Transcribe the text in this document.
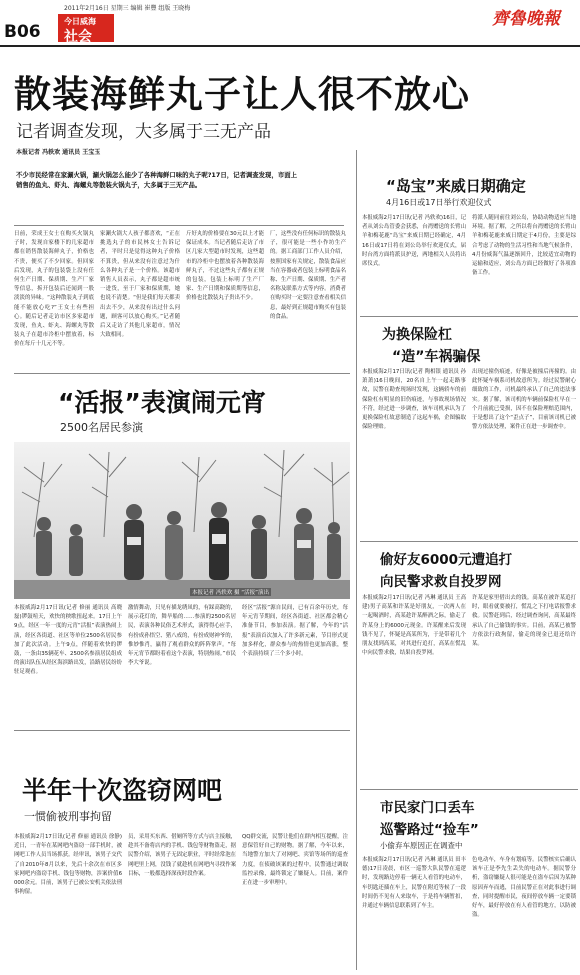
B06
2011年2月16日 星期三 编辑 崔豐 组版 王晓梅
今日威海
社会
齊魯晚報
散装海鲜丸子让人很不放心
记者调查发现，大多属于三无产品
本报记者 冯轶欢 通讯员 王宝玉
不少市民经常在家涮火锅，涮火锅怎么能少了各种海鲜口味的丸子呢?17日，记者调查发现，市面上销售的鱼丸、虾丸、海螺丸等散装火锅丸子，大多属于三无产品。
日前，荣成王女士在购买火锅丸子时，发现自家楼下的几家超市都在销售散装海鲜丸子，价格也不贵，便买了不少回家。但回家后发现，丸子的包装袋上没有任何生产日期、保质期、生产厂家等信息，拆开包装后还闻到一股淡淡的异味。“这种散装丸子到底能不能放心吃?”王女士有些担心。随后记者走访市区多家超市发现，鱼丸、虾丸、海螺丸等散装丸子在超市冷柜中摆放着，标价在每斤十几元不等。
家涮火锅大人孩子都喜欢，“正在挑选丸子的市民林女士告诉记者，平时只是觉得这种丸子价格不算贵，但从来没有注意过为什么各种丸子是一个价格。该超市销售人员表示，丸子都是超市统一进货，至于厂家和保质期，她也说不清楚。“但是我们每天都卖出去不少，从来没有出过什么问题，顾客可以放心购买。”记者随后又走访了其他几家超市，情况大致相同。
斤好丸的价格要在30元以上才能保证成本。当记者随后走访了市区几家大型超市时发现，这些超市的冷柜中也摆放着各种散装海鲜丸子，不过这些丸子都有正规的包装，包装上标明了生产厂家、生产日期和保质期等信息，价格也比散装丸子贵出不少。
厂，这些没有任何标识的散装丸子，很可能是一些小作坊生产的。据工商部门工作人员介绍，按照国家有关规定，散装食品应当在容器或者包装上标明食品名称、生产日期、保质期、生产者名称及联系方式等内容。消费者在购买时一定要注意查看相关信息，最好到正规超市购买有包装的食品。
“活报”表演闹元宵
2500名居民参演
本报记者 冯轶欢 摄 “活报”演出
本报威海2月17日讯(记者 修丽 通讯员 高晓磊)锣鼓喧天，欢快的秧歌扭起来。17日上午9点，经区一年一度的元宵“活报”表演热闹上演，经区各街道、社区等单位2500名居民参加了此次活动。上午9点，伴随着欢快的锣鼓，一条由35辆花车、2500名参演居民组成的演出队伍从经区海滨路出发，沿路居民纷纷驻足观看。
激情舞动，只见有描龙绣凤的，有踩高跷的，展示花灯的，舞旱船的……参演的2500名居民，表演各种民俗艺术形式，演得得心应手，有扮成孙悟空、猪八戒的，有扮成财神爷的，惟妙惟肖，赢得了观看群众的阵阵掌声。“每年元宵节都盼着看这个表演，特别热闹。”市民李大爷说。
经区“活报”源自民间，已有百余年历史，每年元宵节期间，经区各街道、社区都会精心准备节目，参加表演。据了解，今年的“活报”表演首次加入了许多新元素，节目形式更加多样化，群众参与的热情也更加高涨，整个表演持续了三个多小时。
半年十次盗窃网吧
一惯偷被刑事拘留
本报威海2月17日讯(记者 修丽 通讯员 徐静)近日，一青年在某网吧内盗窃一部手机时，被网吧工作人员当场抓获。经审讯，该男子交代了自2010年8月以来，先后十余次在市区多家网吧内盗窃手机、钱包等财物，涉案价值6000余元。目前，该男子已被公安机关依法刑事拘留。
员，采用买东西、借厕所等方式与店主接触，趁其不备将店内的手机、钱包等财物盗走，据民警介绍，该男子无固定职业，平时经常泡在网吧里上网，没钱了就趁机在网吧内寻找作案目标，一般都选择深夜时段作案。
QQ群交流，民警让他们在群内相互提醒，注意保管好自己的财物。据了解，今年以来，当地警方加大了对网吧、宾馆等场所的巡查力度，在侦破该案的过程中，民警通过调取监控录像，最终锁定了嫌疑人。目前，案件正在进一步审理中。
“岛宝”来威日期确定
4月16日或17日举行欢迎仪式
本报威海2月17日讯(记者 冯轶欢)16日，记者从刘公岛管委会获悉，台湾赠送的长臂山羊和梅花鹿“岛宝”来威日期已经确定，4月16日或17日将在刘公岛举行欢迎仪式，届时台湾方面将派员护送，两地相关人员将出席仪式。
将派人随同前往刘公岛，协助动物适应当地环境。据了解，之所以将台湾赠送的长臂山羊和梅花鹿来威日期定于4月份，主要是综合考虑了动物的生活习性和当地气候条件，4月份威海气温逐渐回升，比较适宜动物的运输和适应，刘公岛方面已经做好了各项准备工作。
为换保险杠
“造”车祸骗保
本报威海2月17日讯(记者 陶相银 通讯员 孙萧萧)16日晚间，20名自上午一起走路事故，民警在勘查现场时发现，这辆轿车的前保险杠有明显的旧伤痕迹，与事故现场情况不符，经过进一步调查，该车司机承认为了更换保险杠故意制造了这起车祸，企图骗取保险理赔。
出现过撞伤痕迹，好像是被撞后再撞的。由此怀疑车祸系司机故意所为。经过民警耐心细致的工作，司机最终承认了自己的违法事实。据了解，该司机的车辆前保险杠早在一个月前就已受损，因不在保险理赔范围内，于是想出了这个“歪点子”，目前该司机已被警方依法处理，案件正在进一步调查中。
偷好友6000元遭追打
向民警求救自投罗网
本报威海2月17日讯(记者 冯琳 通讯员 王高建)男子高某和许某是好朋友，一次两人在一起喝酒时，高某趁许某醉酒之际，偷走了许某身上的6000元现金。许某醒来后发现钱不见了，怀疑是高某所为，于是带着几个朋友找到高某，对其进行追打，高某在慌乱中向民警求救，结果自投罗网。
许某是家里借出去的钱。高某在被许某追打时，眼看就要被打，慌乱之下打电话报警求救。民警赶到后，经过调查询问，高某最终承认了自己偷钱的事实。目前，高某已被警方依法行政拘留，偷走的现金已退还给许某。
市民家门口丢车
巡警路过“捡车”
小偷弃车原因正在调查中
本报威海2月17日讯(记者 冯琳 通讯员 田丰德)17日凌晨，市区一巡警大队民警在巡逻时，发现路边停着一辆无人看管的电动车，车钥匙还插在车上，民警在附近等候了一段时间仍不见有人来取车，于是将车辆暂扣，并通过车辆信息联系到了车主。
色电动车，车身有划痕等。民警核实后确认该车正是李先生丢失的电动车。据民警分析，盗窃嫌疑人很可能是在盗车后因为某种原因弃车而逃，目前民警正在对此事进行调查，同时提醒市民，夜间停放车辆一定要锁好车，最好停放在有人看管的地方，以防被盗。
